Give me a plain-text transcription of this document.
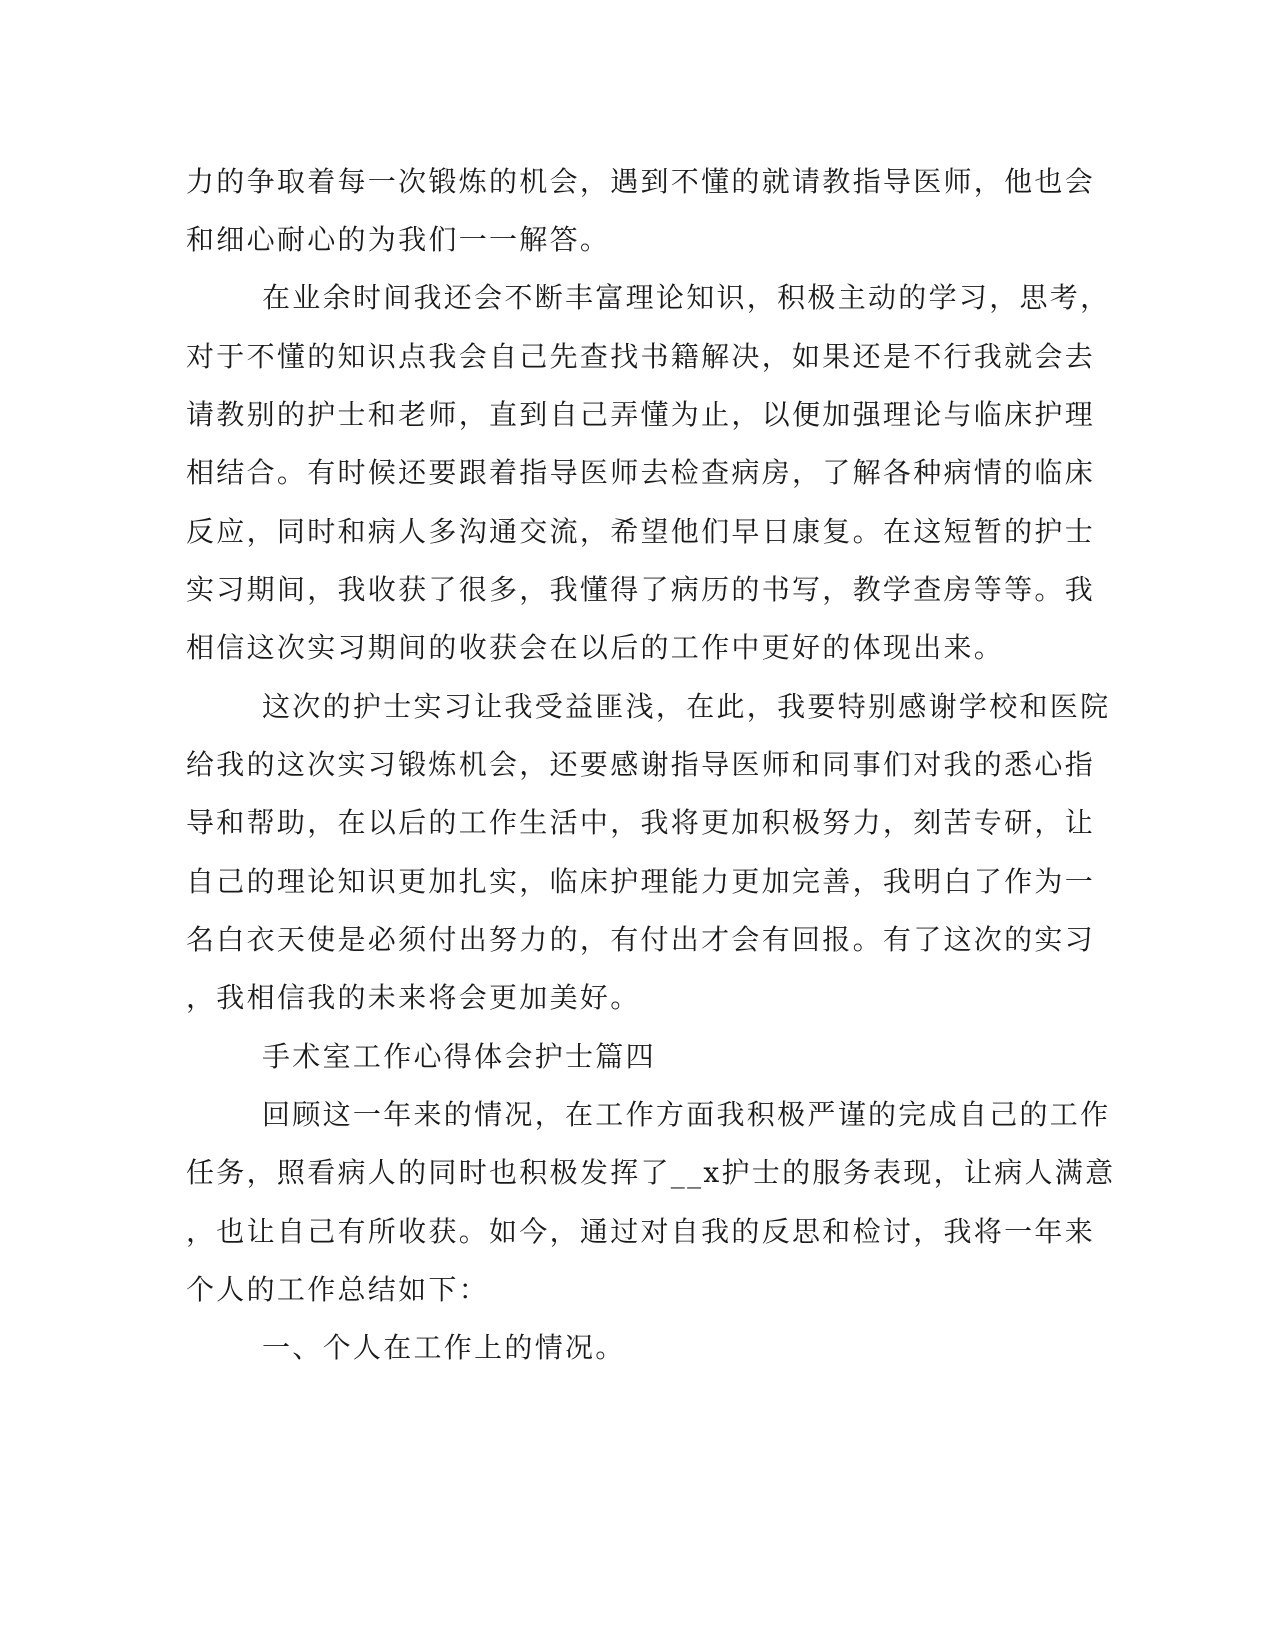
力的争取着每一次锻炼的机会，遇到不懂的就请教指导医师，他也会
和细心耐心的为我们一一解答。
在业余时间我还会不断丰富理论知识，积极主动的学习，思考，
对于不懂的知识点我会自己先查找书籍解决，如果还是不行我就会去
请教别的护士和老师，直到自己弄懂为止，以便加强理论与临床护理
相结合。有时候还要跟着指导医师去检查病房，了解各种病情的临床
反应，同时和病人多沟通交流，希望他们早日康复。在这短暂的护士
实习期间，我收获了很多，我懂得了病历的书写，教学查房等等。我
相信这次实习期间的收获会在以后的工作中更好的体现出来。
这次的护士实习让我受益匪浅，在此，我要特别感谢学校和医院
给我的这次实习锻炼机会，还要感谢指导医师和同事们对我的悉心指
导和帮助，在以后的工作生活中，我将更加积极努力，刻苦专研，让
自己的理论知识更加扎实，临床护理能力更加完善，我明白了作为一
名白衣天使是必须付出努力的，有付出才会有回报。有了这次的实习
，我相信我的未来将会更加美好。
手术室工作心得体会护士篇四
回顾这一年来的情况，在工作方面我积极严谨的完成自己的工作
任务，照看病人的同时也积极发挥了__x护士的服务表现，让病人满意
，也让自己有所收获。如今，通过对自我的反思和检讨，我将一年来
个人的工作总结如下：
一、个人在工作上的情况。
